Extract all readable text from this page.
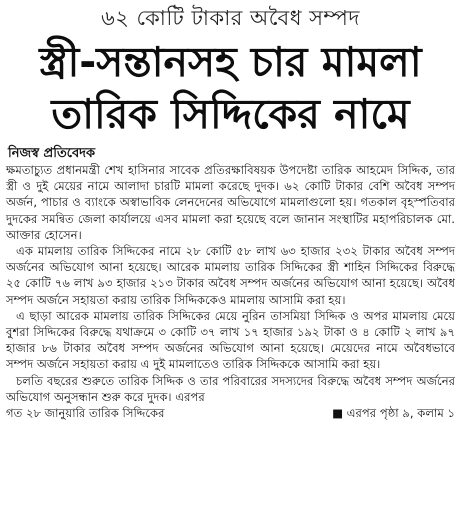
৬২ কোটি টাকার অবৈধ সম্পদ
স্ত্রী-সন্তানসহ চার মামলা
তারিক সিদ্দিকের নামে
নিজস্ব প্রতিবেদক

ক্ষমতাচ্যুত প্রধানমন্ত্রী শেখ হাসিনার সাবেক প্রতিরক্ষাবিষয়ক উপদেষ্টা তারিক আহমেদ সিদ্দিক, তার স্ত্রী ও দুই মেয়ের নামে আলাদা চারটি মামলা করেছে দুদক। ৬২ কোটি টাকার বেশি অবৈধ সম্পদ অর্জন, পাচার ও ব্যাংকে অস্বাভাবিক লেনদেনের অভিযোগে মামলাগুলো হয়। গতকাল বৃহস্পতিবার দুদকের সমন্বিত জেলা কার্যালয়ে এসব মামলা করা হয়েছে বলে জানান সংস্থাটির মহাপরিচালক মো. আক্তার হোসেন।

এক মামলায় তারিক সিদ্দিকের নামে ২৮ কোটি ৫৮ লাখ ৬৩ হাজার ২৩২ টাকার অবৈধ সম্পদ অর্জনের অভিযোগ আনা হয়েছে। আরেক মামলায় তারিক সিদ্দিকের স্ত্রী শাহিন সিদ্দিকের বিরুদ্ধে ২৫ কোটি ৭৬ লাখ ৯৩ হাজার ২১৩ টাকার অবৈধ সম্পদ অর্জনের অভিযোগ আনা হয়েছে। অবৈধ সম্পদ অর্জনে সহায়তা করায় তারিক সিদ্দিককেও মামলায় আসামি করা হয়।

এ ছাড়া আরেক মামলায় তারিক সিদ্দিকের মেয়ে নুরিন তাসমিয়া সিদ্দিক ও অপর মামলায় মেয়ে বুশরা সিদ্দিকের বিরুদ্ধে যথাক্রমে ৩ কোটি ৩৭ লাখ ১৭ হাজার ১৯২ টাকা ও ৪ কোটি ২ লাখ ৯৭ হাজার ৮৬ টাকার অবৈধ সম্পদ অর্জনের অভিযোগ আনা হয়েছে। মেয়েদের নামে অবৈধভাবে সম্পদ অর্জনে সহায়তা করায় এ দুই মামলাতেও তারিক সিদ্দিককে আসামি করা হয়।

চলতি বছরের শুরুতে তারিক সিদ্দিক ও তার পরিবারের সদস্যদের বিরুদ্ধে অবৈধ সম্পদ অর্জনের অভিযোগ অনুসন্ধান শুরু করে দুদক। এরপর

গত ২৮ জানুয়ারি তারিক সিদ্দিকের	■ এরপর পৃষ্ঠা ৯, কলাম ১
